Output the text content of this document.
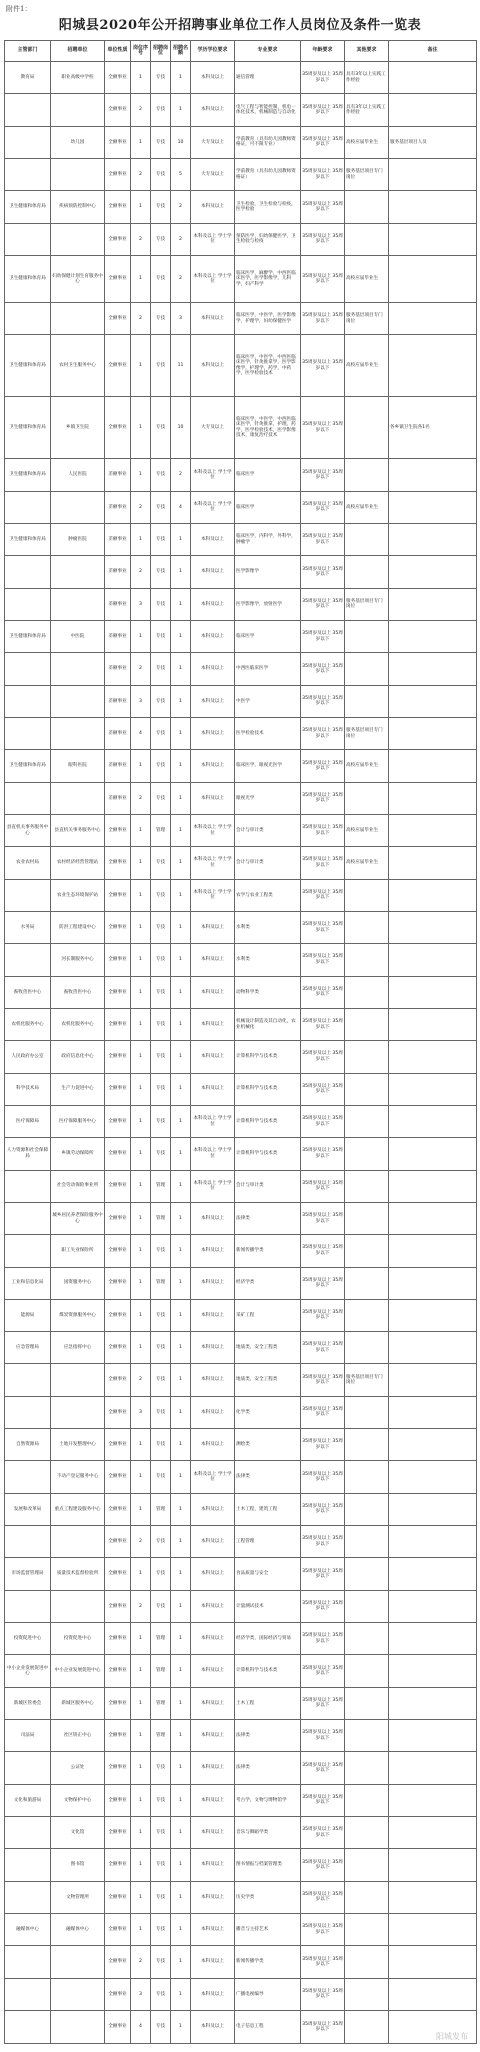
附件1：
阳城县2020年公开招聘事业单位工作人员岗位及条件一览表
主管部门	招聘单位	单位性质	岗位序号	招聘岗位	招聘名额	学历学位要求	专业要求	年龄要求	其他要求	备注
教育局	职业高级中学校	全额事业	1	专技	1	本科及以上	通信管理	35周岁及以上 35周岁以下	具有3年以上实践工作经验	
		全额事业	2	专技	1	本科及以上	电气工程与智能控制，机电一体化技术，机械制造与自动化	35周岁及以上 35周岁以下	具有3年以上实践工作经验	
	幼儿园	全额事业	1	专技	10	大专及以上	学前教育（具有幼儿园教师资格证，可不限专业）	35周岁及以上 35周岁以下	高校应届毕业生	服务基层项目人员
		全额事业	2	专技	5	大专及以上	学前教育（具有幼儿园教师资格证）	35周岁及以上 35周岁以下	服务基层项目专门岗位	
卫生健康和体育局	疾病预防控制中心	全额事业	1	专技	2	本科及以上	卫生检验，卫生检验与检疫，医学检验	35周岁及以上 35周岁以下		
		全额事业	2	专技	2	本科及以上 学士学位	预防医学，妇幼保健医学，卫生检验与检疫	35周岁及以上 35周岁以下		
卫生健康和体育局	妇幼保健计划生育服务中心	全额事业	1	专技	2	本科及以上 学士学位	临床医学，麻醉学，中西医临床医学，医学影像学，儿科学，妇产科学	35周岁及以上 35周岁以下	高校应届毕业生	
		全额事业	2	专技	3	本科及以上	临床医学，中医学，医学影像学，护理学，妇幼保健医学	35周岁及以上 35周岁以下	服务基层项目专门岗位	
卫生健康和体育局	农村卫生服务中心	全额事业	1	专技	11	本科及以上	临床医学，中医学，中西医临床医学，针灸推拿学，医学影像学，护理学，药学，中药学，医学检验技术	35周岁及以上 35周岁以下	高校应届毕业生	
卫生健康和体育局	乡镇卫生院	全额事业	1	专技	10	大专及以上	临床医学，中医学，中西医临床医学，针灸推拿，护理，药学，医学检验技术，医学影像技术，康复治疗技术	35周岁及以上 35周岁以下		各乡镇卫生院各1名
卫生健康和体育局	人民医院	差额事业	1	专技	2	本科及以上 学士学位	临床医学	35周岁及以上 35周岁以下		
		差额事业	2	专技	4	本科及以上 学士学位	临床医学	35周岁及以上 35周岁以下	高校应届毕业生	
卫生健康和体育局	肿瘤医院	差额事业	1	专技	1	本科及以上	临床医学，内科学，外科学，肿瘤学	35周岁及以上 35周岁以下		
		差额事业	2	专技	1	本科及以上	医学影像学	35周岁及以上 35周岁以下		
		差额事业	3	专技	1	本科及以上	医学影像学，放射医学	35周岁及以上 35周岁以下	服务基层项目专门岗位	
卫生健康和体育局	中医院	差额事业	1	专技	1	本科及以上	临床医学	35周岁及以上 35周岁以下		
		差额事业	2	专技	1	本科及以上	中西医临床医学	35周岁及以上 35周岁以下		
		差额事业	3	专技	1	本科及以上	中医学	35周岁及以上 35周岁以下		
		差额事业	4	专技	1	本科及以上	医学检验技术	35周岁及以上 35周岁以下	服务基层项目专门岗位	
卫生健康和体育局	眼科医院	差额事业	1	专技	1	本科及以上	临床医学，眼视光医学	35周岁及以上 35周岁以下	高校应届毕业生	
		差额事业	2	专技	1	本科及以上	眼视光学	35周岁及以上 35周岁以下		
县直机关事务服务中心	县直机关事务服务中心	全额事业	1	管理	1	本科及以上 学士学位	会计与审计类	35周岁及以上 35周岁以下	高校应届毕业生	
农业农村局	农村经济经营管理站	全额事业	1	专技	1	本科及以上 学士学位	会计与审计类	35周岁及以上 35周岁以下	高校应届毕业生	
	农业生态环境保护站	全额事业	1	专技	1	本科及以上 学士学位	农学与农业工程类	35周岁及以上 35周岁以下		
水务局	防洪工程建设中心	全额事业	1	专技	1	本科及以上	水利类	35周岁及以上 35周岁以下		
	河长制服务中心	全额事业	1	专技	1	本科及以上	水利类	35周岁及以上 35周岁以下		
畜牧兽医中心	畜牧兽医中心	全额事业	1	专技	1	本科及以上	动物科学类	35周岁及以上 35周岁以下		
农机化服务中心	农机化服务中心	全额事业	1	专技	1	本科及以上	机械设计制造及其自动化，农业机械化	35周岁及以上 35周岁以下		
人民政府办公室	政府信息化中心	全额事业	1	专技	1	本科及以上	计算机科学与技术类	35周岁及以上 35周岁以下		
科学技术局	生产力促进中心	全额事业	1	专技	1	本科及以上	计算机科学与技术类	35周岁及以上 35周岁以下		
医疗保障局	医疗保障服务中心	全额事业	1	专技	1	本科及以上 学士学位	计算机科学与技术类	35周岁及以上 35周岁以下		
人力资源和社会保障局	乡镇劳动保障所	全额事业	1	专技	1	本科及以上 学士学位	计算机科学与技术类	35周岁及以上 35周岁以下		
	社会劳动保险事业所	全额事业	1	管理	1	本科及以上 学士学位	会计与审计类	35周岁及以上 35周岁以下		
	城乡居民养老保险服务中心	全额事业	1	管理	1	本科及以上	法律类	35周岁及以上 35周岁以下		
	职工失业保险所	全额事业	1	专技	1	本科及以上	新闻传播学类	35周岁及以上 35周岁以下		
工业和信息化局	国资服务中心	全额事业	1	管理	1	本科及以上	经济学类	35周岁及以上 35周岁以下		
能源局	煤炭资源服务中心	全额事业	1	专技	1	本科及以上	采矿工程	35周岁及以上 35周岁以下		
应急管理局	应急指挥中心	全额事业	1	专技	1	本科及以上	地质类，安全工程类	35周岁及以上 35周岁以下		
		全额事业	2	专技	1	本科及以上	地质类，安全工程类	35周岁及以上 35周岁以下	服务基层项目专门岗位	
		全额事业	3	专技	1	本科及以上	化学类	35周岁及以上 35周岁以下		
自然资源局	土地开发整理中心	全额事业	1	专技	1	本科及以上	测绘类	35周岁及以上 35周岁以下		
	不动产登记服务中心	全额事业	1	专技	1	本科及以上 学士学位	法律类	35周岁及以上 35周岁以下		
发展和改革局	重点工程建设服务中心	全额事业	1	管理	1	本科及以上	土木工程，建筑工程	35周岁及以上 35周岁以下		
		全额事业	2	专技	1	本科及以上	工程管理	35周岁及以上 35周岁以下		
市场监督管理局	质量技术监督检验所	全额事业	1	专技	1	本科及以上	食品质量与安全	35周岁及以上 35周岁以下		
		全额事业	2	专技	1	本科及以上	计量测试技术	35周岁及以上 35周岁以下		
投资促进中心	投资促进中心	全额事业	1	管理	1	本科及以上	经济学类，国际经济与贸易	35周岁及以上 35周岁以下		
中小企业发展促进中心	中小企业发展促进中心	全额事业	1	管理	1	本科及以上	计算机科学与技术类	35周岁及以上 35周岁以下		
新城区管委会	新城区服务中心	全额事业	1	管理	1	本科及以上	土木工程	35周岁及以上 35周岁以下		
司法局	社区矫正中心	全额事业	1	管理	1	本科及以上	法律类	35周岁及以上 35周岁以下		
	公证处	全额事业	1	专技	1	本科及以上	法律类	35周岁及以上 35周岁以下		
文化和旅游局	文物保护中心	全额事业	1	专技	1	本科及以上	考古学，文物与博物馆学	35周岁及以上 35周岁以下		
	文化馆	全额事业	1	专技	1	本科及以上	音乐与舞蹈学类	35周岁及以上 35周岁以下		
	图书馆	全额事业	1	专技	1	本科及以上	图书情报与档案管理类	35周岁及以上 35周岁以下		
	文物管理所	全额事业	1	专技	1	本科及以上	历史学类	35周岁及以上 35周岁以下		
融媒体中心	融媒体中心	全额事业	1	专技	1	本科及以上	播音与主持艺术	35周岁及以上 35周岁以下		
		全额事业	2	专技	1	本科及以上	新闻传播学类	35周岁及以上 35周岁以下		
		全额事业	3	专技	1	本科及以上	广播电视编导	35周岁及以上 35周岁以下		
		全额事业	4	专技	1	本科及以上	电子信息工程	35周岁及以上 35周岁以下		
阳城发布
